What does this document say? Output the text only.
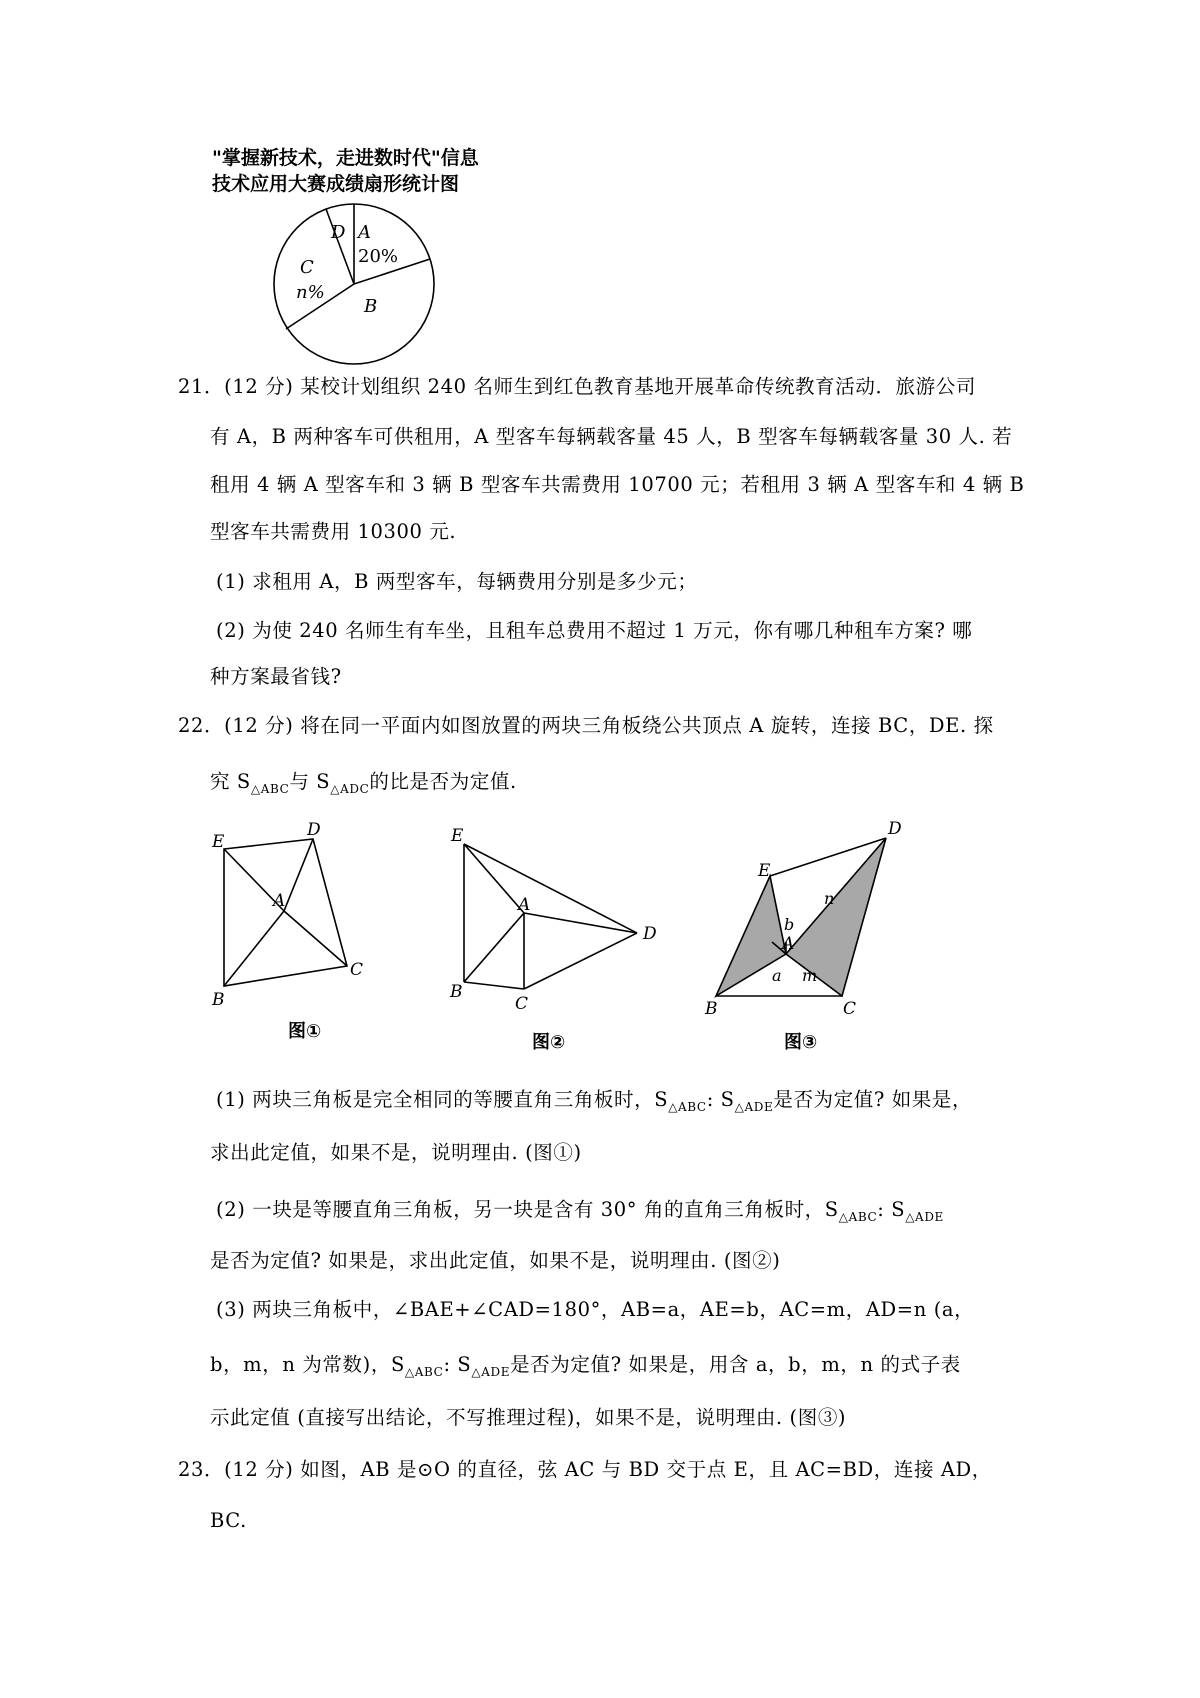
"掌握新技术，走进数时代"信息
技术应用大赛成绩扇形统计图
D A
20%
C
n%
B
21．(12 分) 某校计划组织 240 名师生到红色教育基地开展革命传统教育活动．旅游公司
有 A，B 两种客车可供租用，A 型客车每辆载客量 45 人，B 型客车每辆载客量 30 人. 若
租用 4 辆 A 型客车和 3 辆 B 型客车共需费用 10700 元；若租用 3 辆 A 型客车和 4 辆 B
型客车共需费用 10300 元.
(1) 求租用 A，B 两型客车，每辆费用分别是多少元；
(2) 为使 240 名师生有车坐，且租车总费用不超过 1 万元，你有哪几种租车方案? 哪
种方案最省钱?
22．(12 分) 将在同一平面内如图放置的两块三角板绕公共顶点 A 旋转，连接 BC，DE. 探
究 $S_{\triangle ABC}$与 $S_{\triangle ADC}$的比是否为定值.
E
D
A
C
B
图①
E
A
D
B
C
图②
E
D
b
n
A
a m
B	C
图③
(1) 两块三角板是完全相同的等腰直角三角板时，$S_{\triangle ABC}$: $S_{\triangle ADE}$是否为定值? 如果是，
求出此定值，如果不是，说明理由. (图①)
(2) 一块是等腰直角三角板，另一块是含有 30° 角的直角三角板时，$S_{\triangle ABC}$: $S_{\triangle ADE}$
是否为定值? 如果是，求出此定值，如果不是，说明理由. (图②)
(3) 两块三角板中，∠BAE+∠CAD=180°，AB=a，AE=b，AC=m，AD=n (a，
b，m，n 为常数)，$S_{\triangle ABC}$: $S_{\triangle ADE}$是否为定值? 如果是，用含 a，b，m，n 的式子表
示此定值 (直接写出结论，不写推理过程)，如果不是，说明理由. (图③)
23．(12 分) 如图，AB 是⊙O 的直径，弦 AC 与 BD 交于点 E，且 AC=BD，连接 AD，
BC.
